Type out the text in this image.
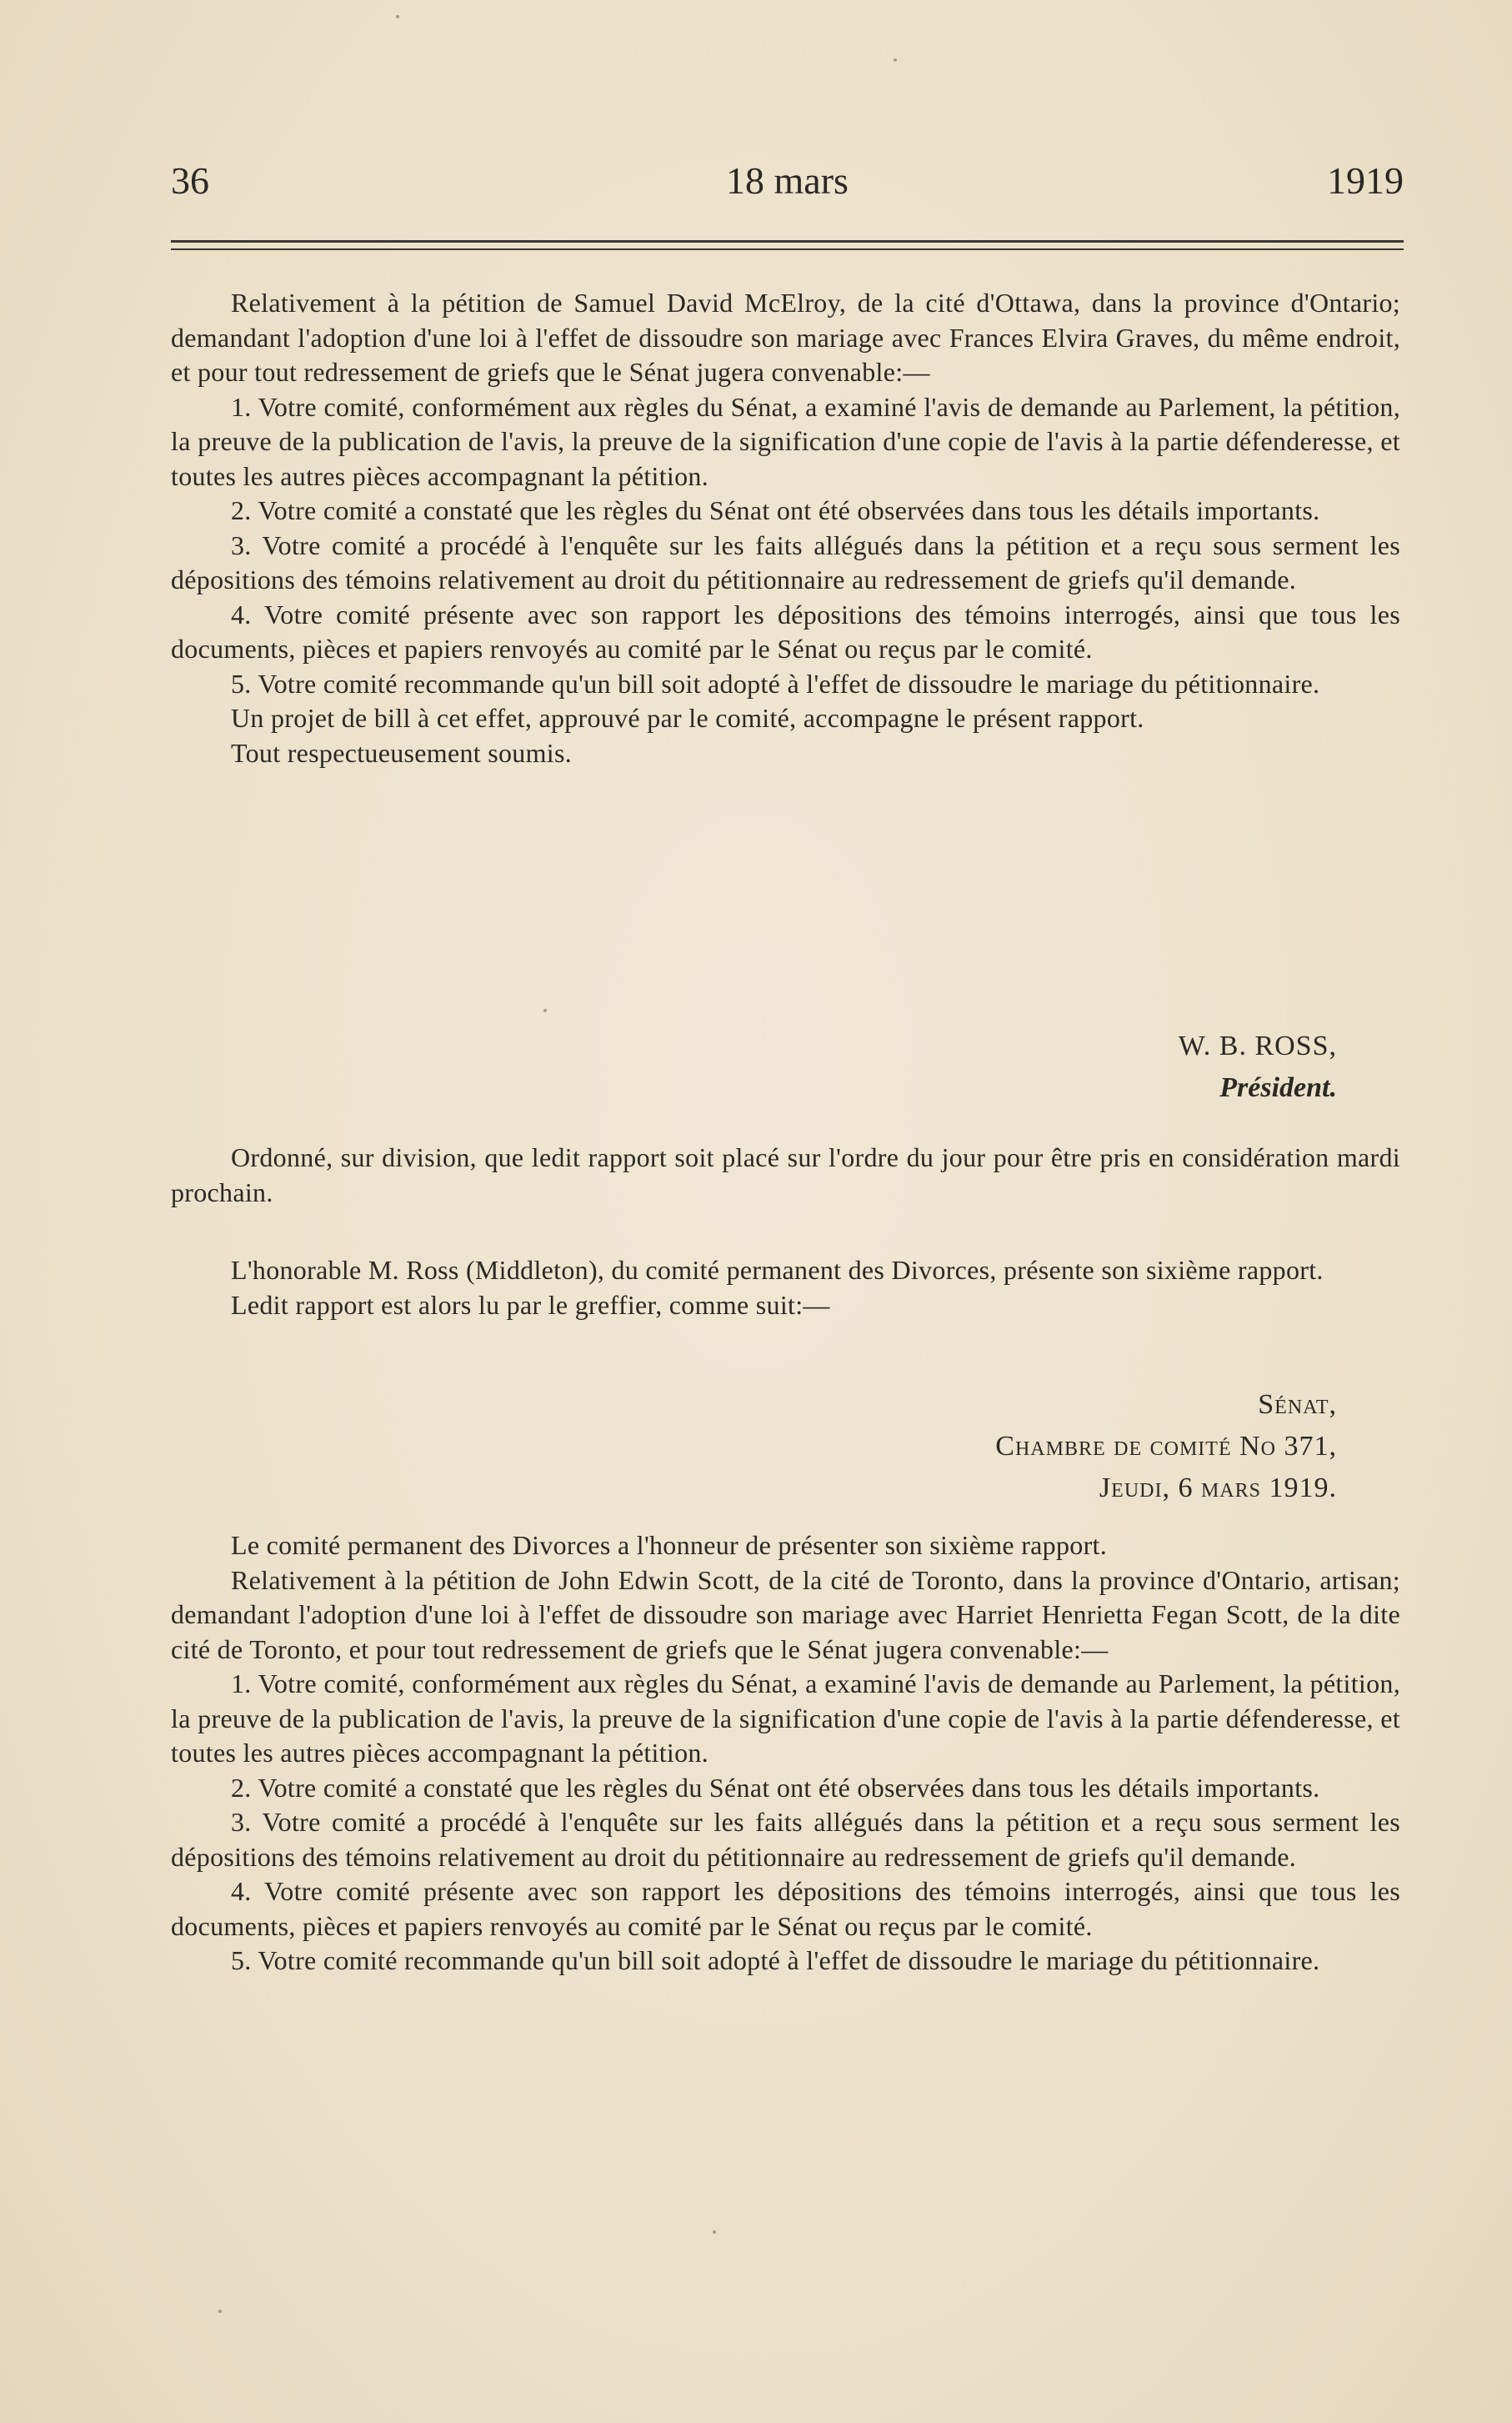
36	18 mars	1919

Relativement à la pétition de Samuel David McElroy, de la cité d'Ottawa, dans la province d'Ontario; demandant l'adoption d'une loi à l'effet de dissoudre son mariage avec Frances Elvira Graves, du même endroit, et pour tout redressement de griefs que le Sénat jugera convenable:—

1. Votre comité, conformément aux règles du Sénat, a examiné l'avis de demande au Parlement, la pétition, la preuve de la publication de l'avis, la preuve de la signification d'une copie de l'avis à la partie défenderesse, et toutes les autres pièces accompagnant la pétition.

2. Votre comité a constaté que les règles du Sénat ont été observées dans tous les détails importants.

3. Votre comité a procédé à l'enquête sur les faits allégués dans la pétition et a reçu sous serment les dépositions des témoins relativement au droit du pétitionnaire au redressement de griefs qu'il demande.

4. Votre comité présente avec son rapport les dépositions des témoins interrogés, ainsi que tous les documents, pièces et papiers renvoyés au comité par le Sénat ou reçus par le comité.

5. Votre comité recommande qu'un bill soit adopté à l'effet de dissoudre le mariage du pétitionnaire.

Un projet de bill à cet effet, approuvé par le comité, accompagne le présent rapport.

Tout respectueusement soumis.

W. B. ROSS,
Président.

Ordonné, sur division, que ledit rapport soit placé sur l'ordre du jour pour être pris en considération mardi prochain.

L'honorable M. Ross (Middleton), du comité permanent des Divorces, présente son sixième rapport.

Ledit rapport est alors lu par le greffier, comme suit:—

Sénat,
Chambre de comité No 371,
Jeudi, 6 mars 1919.

Le comité permanent des Divorces a l'honneur de présenter son sixième rapport.

Relativement à la pétition de John Edwin Scott, de la cité de Toronto, dans la province d'Ontario, artisan; demandant l'adoption d'une loi à l'effet de dissoudre son mariage avec Harriet Henrietta Fegan Scott, de la dite cité de Toronto, et pour tout redressement de griefs que le Sénat jugera convenable:—

1. Votre comité, conformément aux règles du Sénat, a examiné l'avis de demande au Parlement, la pétition, la preuve de la publication de l'avis, la preuve de la signification d'une copie de l'avis à la partie défenderesse, et toutes les autres pièces accompagnant la pétition.

2. Votre comité a constaté que les règles du Sénat ont été observées dans tous les détails importants.

3. Votre comité a procédé à l'enquête sur les faits allégués dans la pétition et a reçu sous serment les dépositions des témoins relativement au droit du pétitionnaire au redressement de griefs qu'il demande.

4. Votre comité présente avec son rapport les dépositions des témoins interrogés, ainsi que tous les documents, pièces et papiers renvoyés au comité par le Sénat ou reçus par le comité.

5. Votre comité recommande qu'un bill soit adopté à l'effet de dissoudre le mariage du pétitionnaire.
